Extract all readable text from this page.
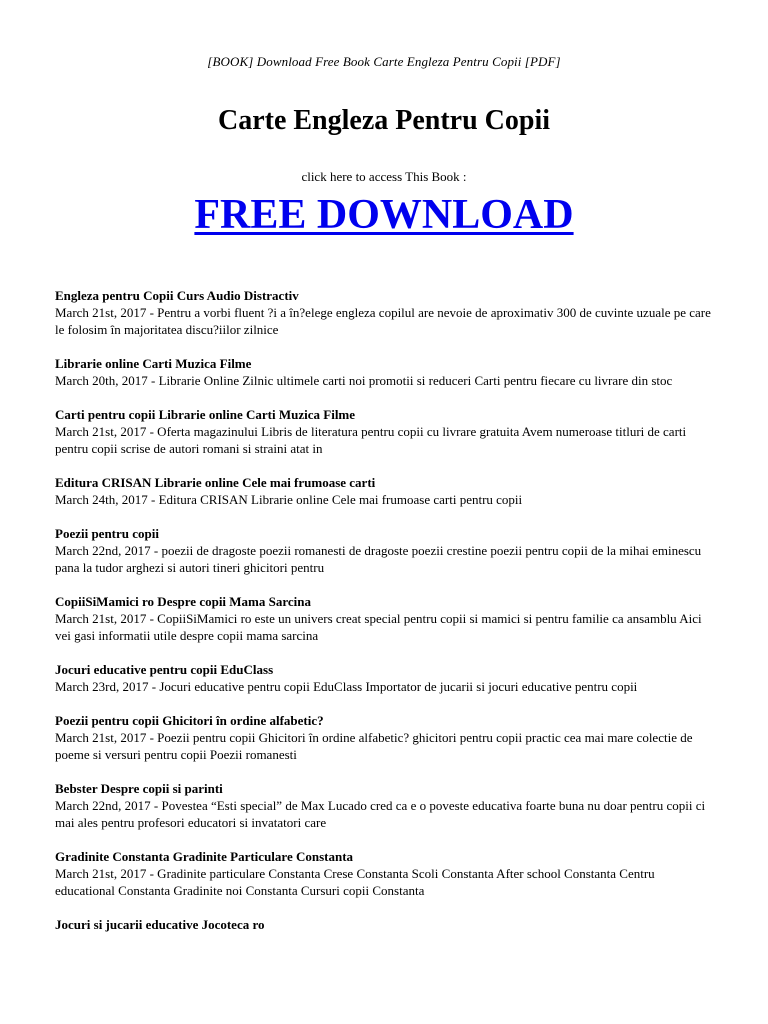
[BOOK] Download Free Book Carte Engleza Pentru Copii [PDF]
Carte Engleza Pentru Copii
click here to access This Book :
FREE DOWNLOAD
Engleza pentru Copii Curs Audio Distractiv
March 21st, 2017 - Pentru a vorbi fluent ?i a în?elege engleza copilul are nevoie de aproximativ 300 de cuvinte uzuale pe care le folosim în majoritatea discu?iilor zilnice
Librarie online Carti Muzica Filme
March 20th, 2017 - Librarie Online Zilnic ultimele carti noi promotii si reduceri Carti pentru fiecare cu livrare din stoc
Carti pentru copii Librarie online Carti Muzica Filme
March 21st, 2017 - Oferta magazinului Libris de literatura pentru copii cu livrare gratuita Avem numeroase titluri de carti pentru copii scrise de autori romani si straini atat in
Editura CRISAN Librarie online Cele mai frumoase carti
March 24th, 2017 - Editura CRISAN Librarie online Cele mai frumoase carti pentru copii
Poezii pentru copii
March 22nd, 2017 - poezii de dragoste poezii romanesti de dragoste poezii crestine poezii pentru copii de la mihai eminescu pana la tudor arghezi si autori tineri ghicitori pentru
CopiiSiMamici ro Despre copii Mama Sarcina
March 21st, 2017 - CopiiSiMamici ro este un univers creat special pentru copii si mamici si pentru familie ca ansamblu Aici vei gasi informatii utile despre copii mama sarcina
Jocuri educative pentru copii EduClass
March 23rd, 2017 - Jocuri educative pentru copii EduClass Importator de jucarii si jocuri educative pentru copii
Poezii pentru copii Ghicitori în ordine alfabetic?
March 21st, 2017 - Poezii pentru copii Ghicitori în ordine alfabetic? ghicitori pentru copii practic cea mai mare colectie de poeme si versuri pentru copii Poezii romanesti
Bebster Despre copii si parinti
March 22nd, 2017 - Povestea “Esti special” de Max Lucado cred ca e o poveste educativa foarte buna nu doar pentru copii ci mai ales pentru profesori educatori si invatatori care
Gradinite Constanta Gradinite Particulare Constanta
March 21st, 2017 - Gradinite particulare Constanta Crese Constanta Scoli Constanta After school Constanta Centru educational Constanta Gradinite noi Constanta Cursuri copii Constanta
Jocuri si jucarii educative Jocoteca ro
